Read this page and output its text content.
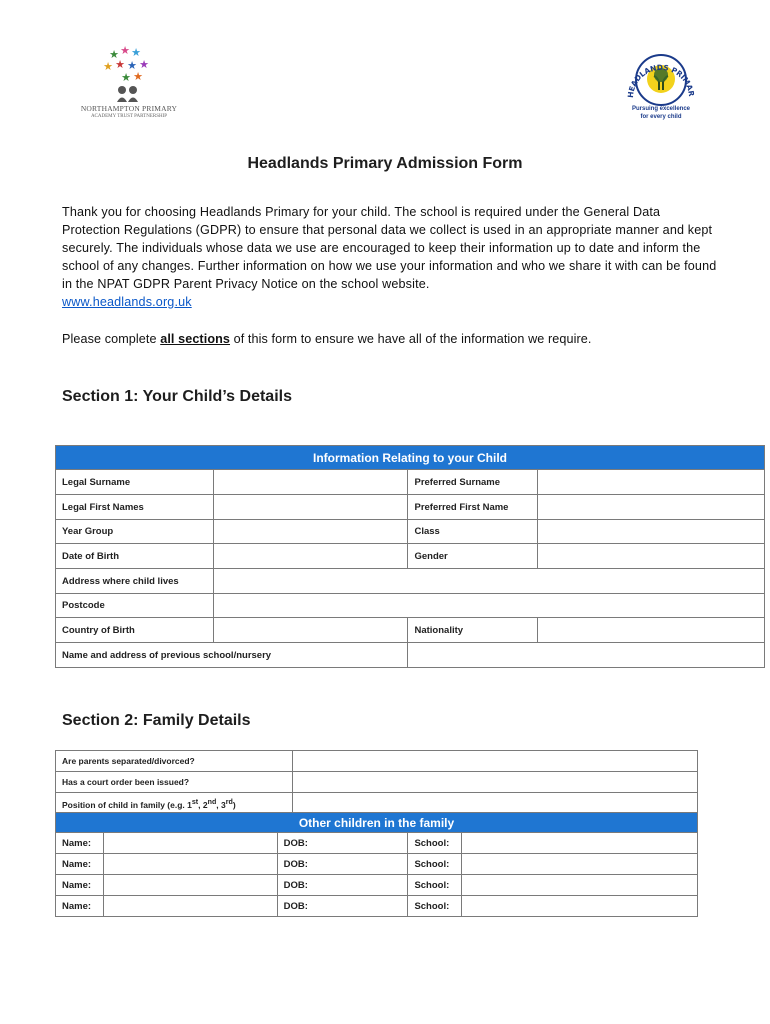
★ ★ ★
★ ★ ★ ★
★ ★
NORTHAMPTON PRIMARY
ACADEMY TRUST PARTNERSHIP
HEADLANDS PRIMAR
Pursuing excellence
for every child
Headlands Primary Admission Form

Thank you for choosing Headlands Primary for your child. The school is required under the General Data Protection Regulations (GDPR) to ensure that personal data we collect is used in an appropriate manner and kept securely. The individuals whose data we use are encouraged to keep their information up to date and inform the school of any changes. Further information on how we use your information and who we share it with can be found in the NPAT GDPR Parent Privacy Notice on the school website.
www.headlands.org.uk

Please complete all sections of this form to ensure we have all of the information we require.

Section 1: Your Child’s Details
Information Relating to your Child			
Legal Surname		Preferred Surname	
Legal First Names		Preferred First Name	
Year Group		Class	
Date of Birth		Gender	
Address where child lives			
Postcode			
Country of Birth		Nationality	
Name and address of previous school/nursery			
Section 2: Family Details
Are parents separated/divorced?	
Has a court order been issued?	
Position of child in family (e.g. 1st, 2nd, 3rd)	
Other children in the family				
Name:		DOB:	School:	
Name:		DOB:	School:	
Name:		DOB:	School:	
Name:		DOB:	School:	
